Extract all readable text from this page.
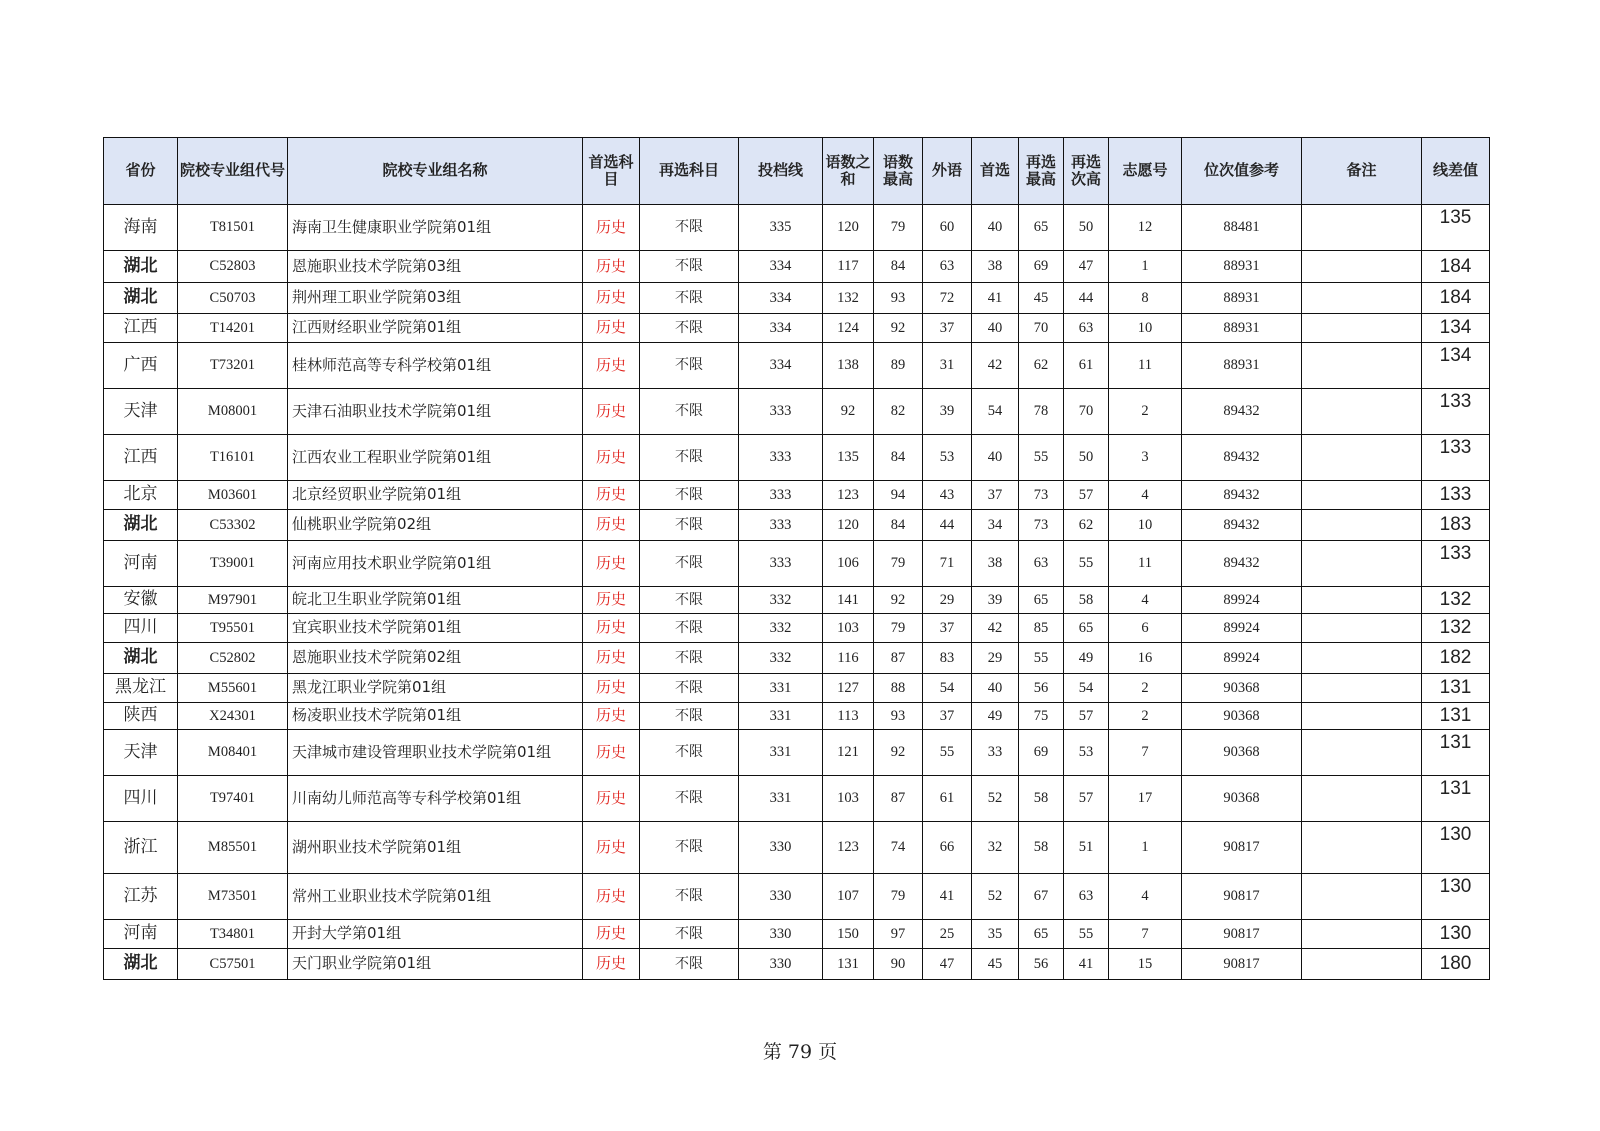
省份	院校专业组代号	院校专业组名称	首选科目	再选科目	投档线	语数之和	语数最高	外语	首选	再选最高	再选次高	志愿号	位次值参考	备注	线差值
海南	T81501	海南卫生健康职业学院第01组	历史	不限	335	120	79	60	40	65	50	12	88481		135
湖北	C52803	恩施职业技术学院第03组	历史	不限	334	117	84	63	38	69	47	1	88931		184
湖北	C50703	荆州理工职业学院第03组	历史	不限	334	132	93	72	41	45	44	8	88931		184
江西	T14201	江西财经职业学院第01组	历史	不限	334	124	92	37	40	70	63	10	88931		134
广西	T73201	桂林师范高等专科学校第01组	历史	不限	334	138	89	31	42	62	61	11	88931		134
天津	M08001	天津石油职业技术学院第01组	历史	不限	333	92	82	39	54	78	70	2	89432		133
江西	T16101	江西农业工程职业学院第01组	历史	不限	333	135	84	53	40	55	50	3	89432		133
北京	M03601	北京经贸职业学院第01组	历史	不限	333	123	94	43	37	73	57	4	89432		133
湖北	C53302	仙桃职业学院第02组	历史	不限	333	120	84	44	34	73	62	10	89432		183
河南	T39001	河南应用技术职业学院第01组	历史	不限	333	106	79	71	38	63	55	11	89432		133
安徽	M97901	皖北卫生职业学院第01组	历史	不限	332	141	92	29	39	65	58	4	89924		132
四川	T95501	宜宾职业技术学院第01组	历史	不限	332	103	79	37	42	85	65	6	89924		132
湖北	C52802	恩施职业技术学院第02组	历史	不限	332	116	87	83	29	55	49	16	89924		182
黑龙江	M55601	黑龙江职业学院第01组	历史	不限	331	127	88	54	40	56	54	2	90368		131
陕西	X24301	杨凌职业技术学院第01组	历史	不限	331	113	93	37	49	75	57	2	90368		131
天津	M08401	天津城市建设管理职业技术学院第01组	历史	不限	331	121	92	55	33	69	53	7	90368		131
四川	T97401	川南幼儿师范高等专科学校第01组	历史	不限	331	103	87	61	52	58	57	17	90368		131
浙江	M85501	湖州职业技术学院第01组	历史	不限	330	123	74	66	32	58	51	1	90817		130
江苏	M73501	常州工业职业技术学院第01组	历史	不限	330	107	79	41	52	67	63	4	90817		130
河南	T34801	开封大学第01组	历史	不限	330	150	97	25	35	65	55	7	90817		130
湖北	C57501	天门职业学院第01组	历史	不限	330	131	90	47	45	56	41	15	90817		180
第 79 页
